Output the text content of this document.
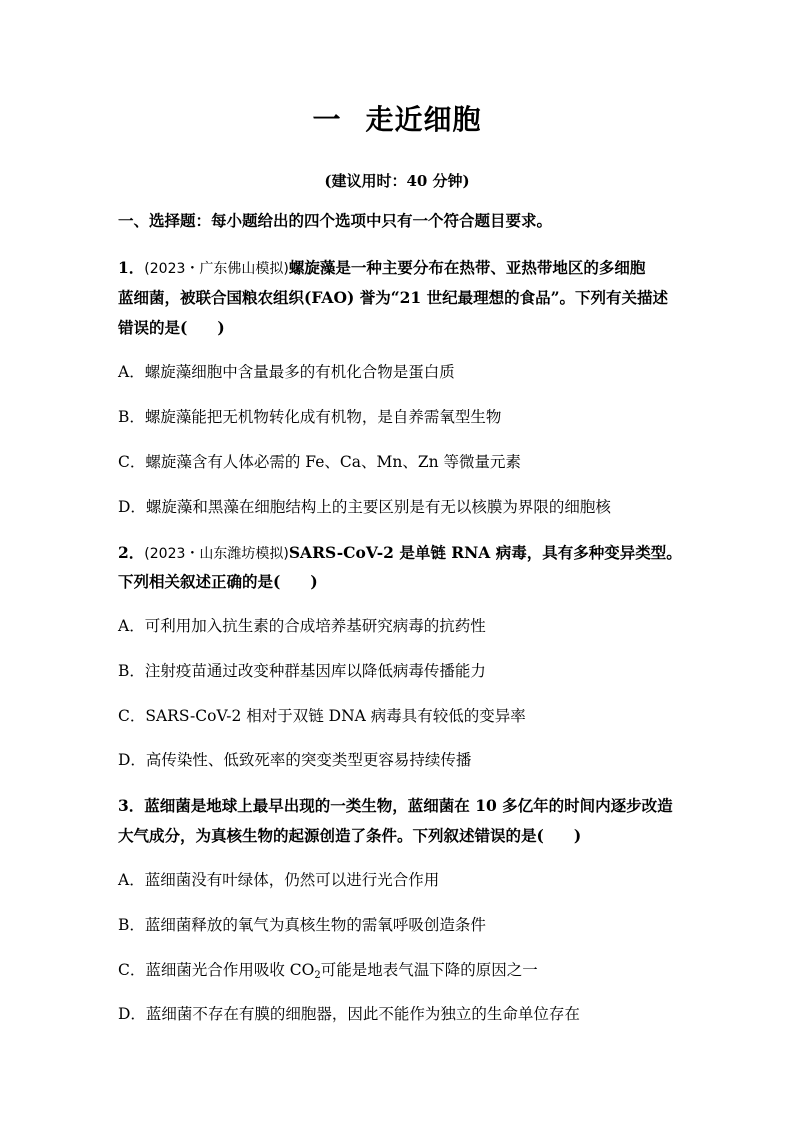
一 走近细胞
(建议用时：40 分钟)
一、选择题：每小题给出的四个选项中只有一个符合题目要求。
1．(2023・广东佛山模拟)螺旋藻是一种主要分布在热带、亚热带地区的多细胞
蓝细菌，被联合国粮农组织(FAO) 誉为“21 世纪最理想的食品”。下列有关描述
错误的是( )
A．螺旋藻细胞中含量最多的有机化合物是蛋白质
B．螺旋藻能把无机物转化成有机物，是自养需氧型生物
C．螺旋藻含有人体必需的 Fe、Ca、Mn、Zn 等微量元素
D．螺旋藻和黑藻在细胞结构上的主要区别是有无以核膜为界限的细胞核
2．(2023・山东潍坊模拟)SARS-CoV-2 是单链 RNA 病毒，具有多种变异类型。
下列相关叙述正确的是( )
A．可利用加入抗生素的合成培养基研究病毒的抗药性
B．注射疫苗通过改变种群基因库以降低病毒传播能力
C．SARS-CoV-2 相对于双链 DNA 病毒具有较低的变异率
D．高传染性、低致死率的突变类型更容易持续传播
3．蓝细菌是地球上最早出现的一类生物，蓝细菌在 10 多亿年的时间内逐步改造
大气成分，为真核生物的起源创造了条件。下列叙述错误的是( )
A．蓝细菌没有叶绿体，仍然可以进行光合作用
B．蓝细菌释放的氧气为真核生物的需氧呼吸创造条件
C．蓝细菌光合作用吸收 $CO_2$可能是地表气温下降的原因之一
D．蓝细菌不存在有膜的细胞器，因此不能作为独立的生命单位存在
